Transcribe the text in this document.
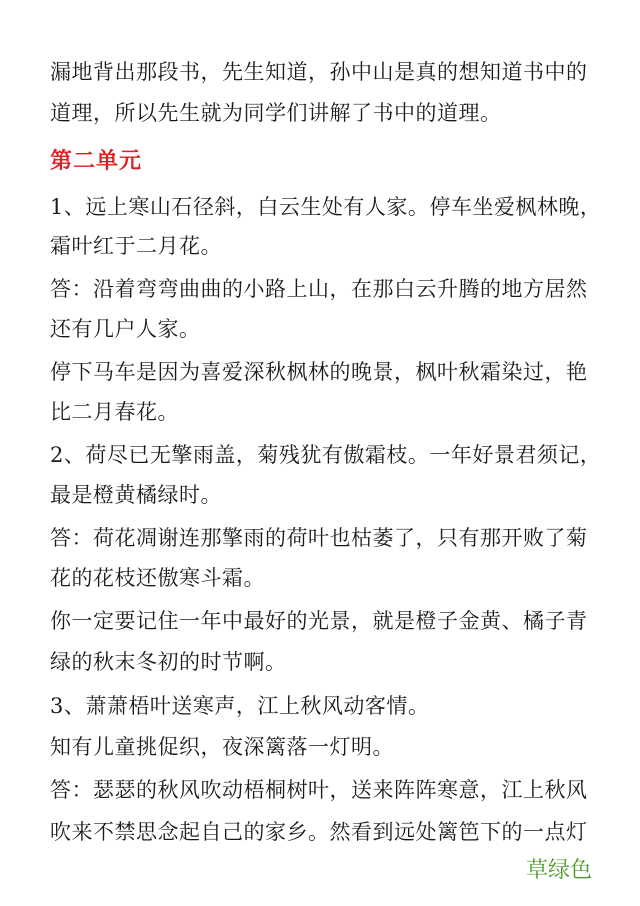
漏地背出那段书，先生知道，孙中山是真的想知道书中的
道理，所以先生就为同学们讲解了书中的道理。
第二单元
1、远上寒山石径斜，白云生处有人家。停车坐爱枫林晚，
霜叶红于二月花。
答：沿着弯弯曲曲的小路上山，在那白云升腾的地方居然
还有几户人家。
停下马车是因为喜爱深秋枫林的晚景，枫叶秋霜染过，艳
比二月春花。
2、荷尽已无擎雨盖，菊残犹有傲霜枝。一年好景君须记，
最是橙黄橘绿时。
答：荷花凋谢连那擎雨的荷叶也枯萎了，只有那开败了菊
花的花枝还傲寒斗霜。
你一定要记住一年中最好的光景，就是橙子金黄、橘子青
绿的秋末冬初的时节啊。
3、萧萧梧叶送寒声，江上秋风动客情。
知有儿童挑促织，夜深篱落一灯明。
答：瑟瑟的秋风吹动梧桐树叶，送来阵阵寒意，江上秋风
吹来不禁思念起自己的家乡。然看到远处篱笆下的一点灯
草绿色
